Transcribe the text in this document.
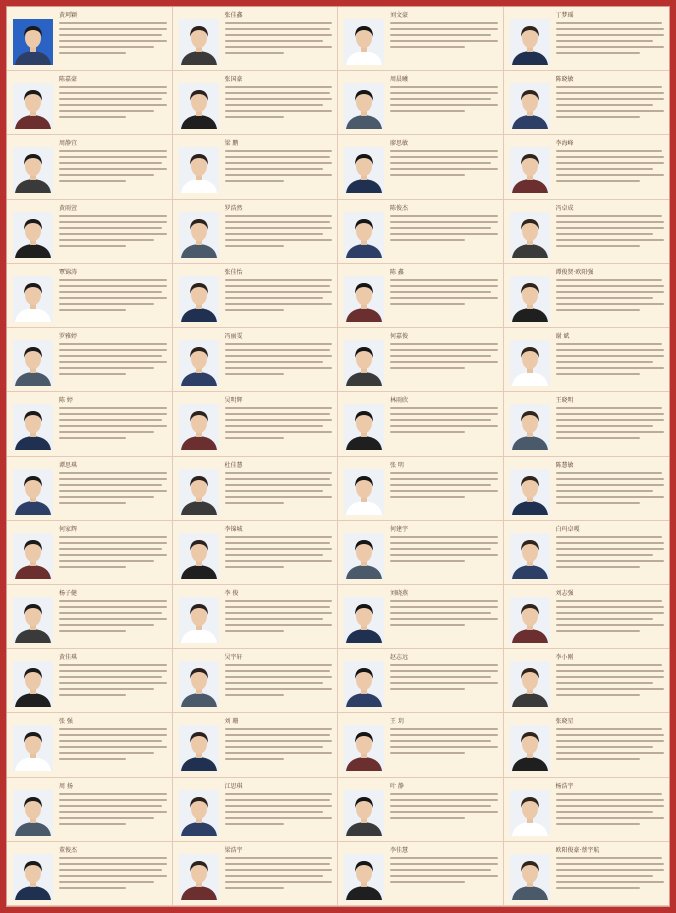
黄珂颖	张佳鑫	刘文豪	丁梦瑶
陈嘉豪	张国豪	周晨曦	陈晓敏
周静宜	梁 鹏	廖思敏	李海峰
黄雨萱	罗浩然	陈俊杰	冯卓成
覃锦涛	张佳怡	陈 鑫	谭俊贤·欧阳强
罗雅婷	冯丽雯	何嘉俊	谢 斌
陈 婷	吴明辉	林雨欣	王晓明
谭思琪	杜佳慧	张 明	陈慧敏
何家辉	李锦城	何建宇	白玛卓嘎
杨子健	李 俊	刘晓燕	刘志强
黄佳琪	吴宇轩	赵志远	李小刚
张 强	刘 珊	王 玥	张晓星
周 扬	江思琪	叶 静	杨浩宇
董俊杰	梁浩宇	李佳慧	欧阳俊豪·蔡宇航
